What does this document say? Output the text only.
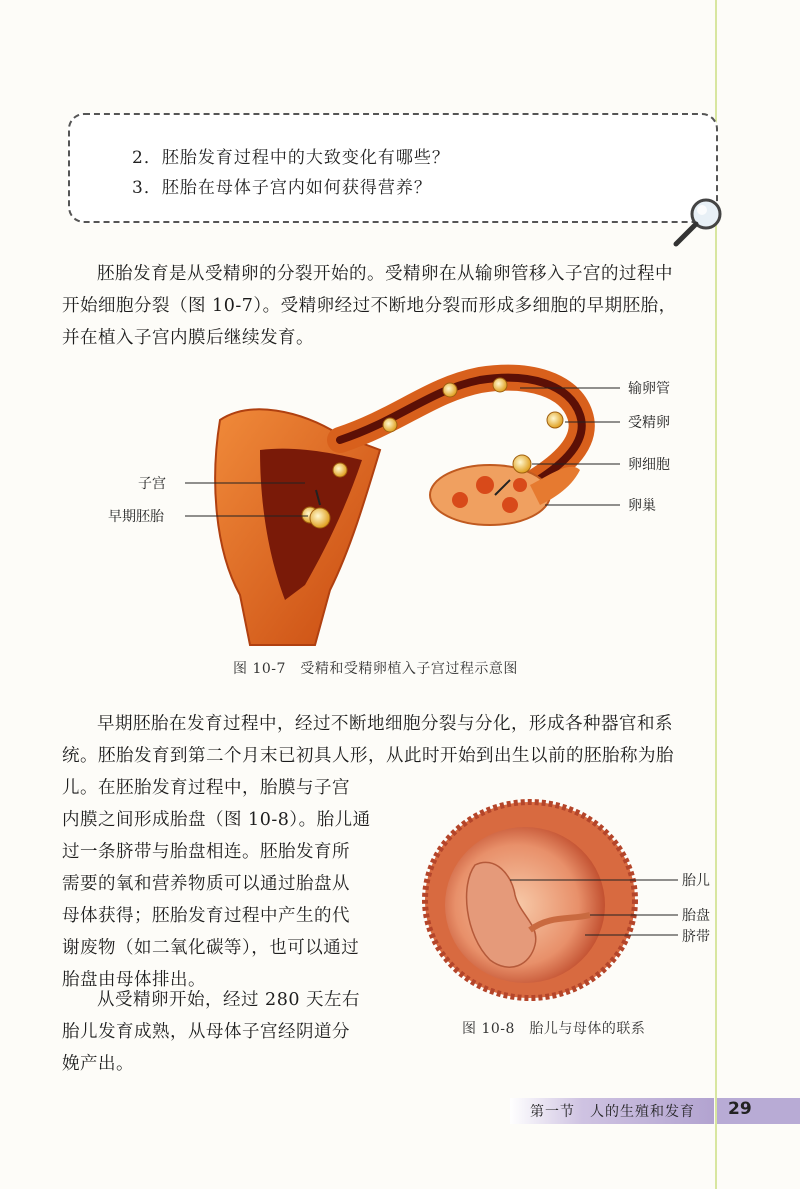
2．胚胎发育过程中的大致变化有哪些？
3．胚胎在母体子宫内如何获得营养？

胚胎发育是从受精卵的分裂开始的。受精卵在从输卵管移入子宫的过程中

开始细胞分裂（图 10-7）。受精卵经过不断地分裂而形成多细胞的早期胚胎，

并在植入子宫内膜后继续发育。

输卵管
受精卵
卵细胞
卵巢
子宫
早期胚胎
图 10-7　受精和受精卵植入子宫过程示意图

早期胚胎在发育过程中，经过不断地细胞分裂与分化，形成各种器官和系

统。胚胎发育到第二个月末已初具人形，从此时开始到出生以前的胚胎称为胎

儿。在胚胎发育过程中，胎膜与子宫

内膜之间形成胎盘（图 10-8）。胎儿通

过一条脐带与胎盘相连。胚胎发育所

需要的氧和营养物质可以通过胎盘从

母体获得；胚胎发育过程中产生的代

谢废物（如二氧化碳等），也可以通过

胎盘由母体排出。

从受精卵开始，经过 280 天左右

胎儿发育成熟，从母体子宫经阴道分

娩产出。

胎儿
胎盘
脐带
图 10-8　胎儿与母体的联系
第一节　人的生殖和发育 29
